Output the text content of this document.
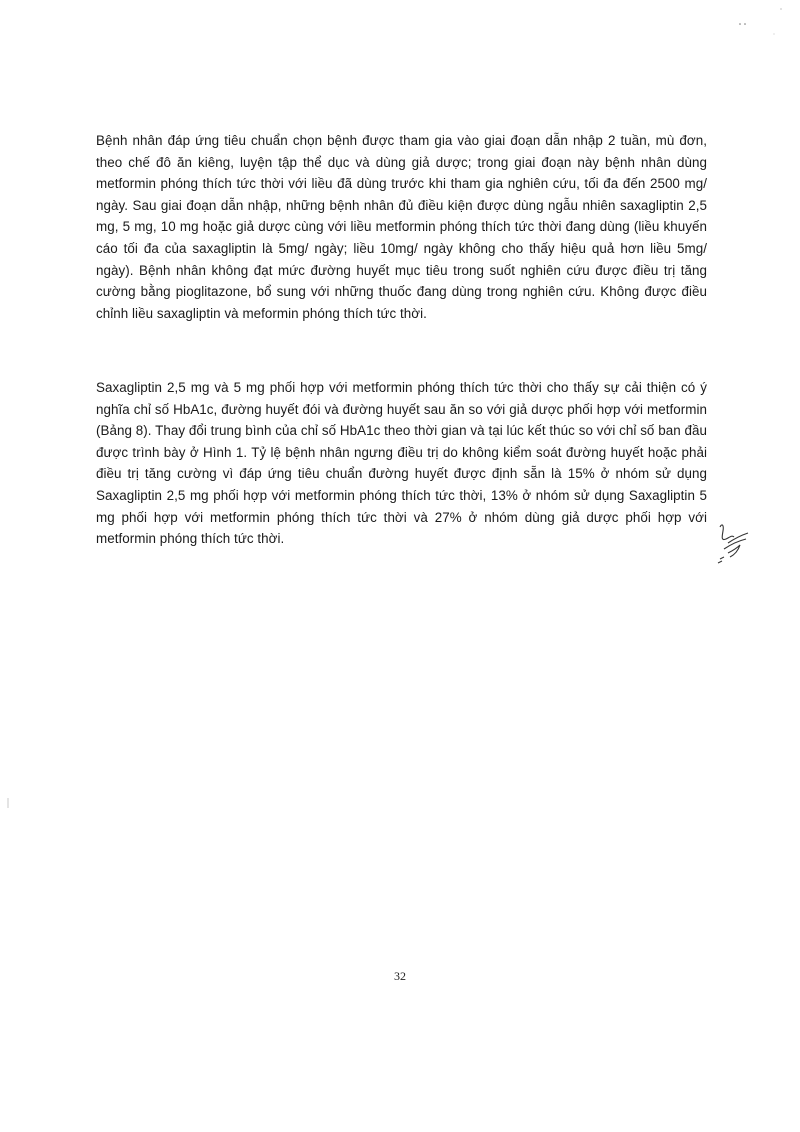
Bệnh nhân đáp ứng tiêu chuẩn chọn bệnh được tham gia vào giai đoạn dẫn nhập 2 tuần, mù đơn, theo chế đô ăn kiêng, luyện tập thể dục và dùng giả dược; trong giai đoạn này bệnh nhân dùng metformin phóng thích tức thời với liều đã dùng trước khi tham gia nghiên cứu, tối đa đến 2500 mg/ ngày. Sau giai đoạn dẫn nhập, những bệnh nhân đủ điều kiện được dùng ngẫu nhiên saxagliptin 2,5 mg, 5 mg, 10 mg hoặc giả dược cùng với liều metformin phóng thích tức thời đang dùng (liều khuyến cáo tối đa của saxagliptin là 5mg/ ngày; liều 10mg/ ngày không cho thấy hiệu quả hơn liều 5mg/ ngày). Bệnh nhân không đạt mức đường huyết mục tiêu trong suốt nghiên cứu được điều trị tăng cường bằng pioglitazone, bổ sung với những thuốc đang dùng trong nghiên cứu. Không được điều chỉnh liều saxagliptin và meformin phóng thích tức thời.

Saxagliptin 2,5 mg và 5 mg phối hợp với metformin phóng thích tức thời cho thấy sự cải thiện có ý nghĩa chỉ số HbA1c, đường huyết đói và đường huyết sau ăn so với giả dược phối hợp với metformin (Bảng 8). Thay đổi trung bình của chỉ số HbA1c theo thời gian và tại lúc kết thúc so với chỉ số ban đầu được trình bày ở Hình 1. Tỷ lệ bệnh nhân ngưng điều trị do không kiểm soát đường huyết hoặc phải điều trị tăng cường vì đáp ứng tiêu chuẩn đường huyết được định sẵn là 15% ở nhóm sử dụng Saxagliptin 2,5 mg phối hợp với metformin phóng thích tức thời, 13% ở nhóm sử dụng Saxagliptin 5 mg phối hợp với metformin phóng thích tức thời và 27% ở nhóm dùng giả dược phối hợp với metformin phóng thích tức thời.

32
